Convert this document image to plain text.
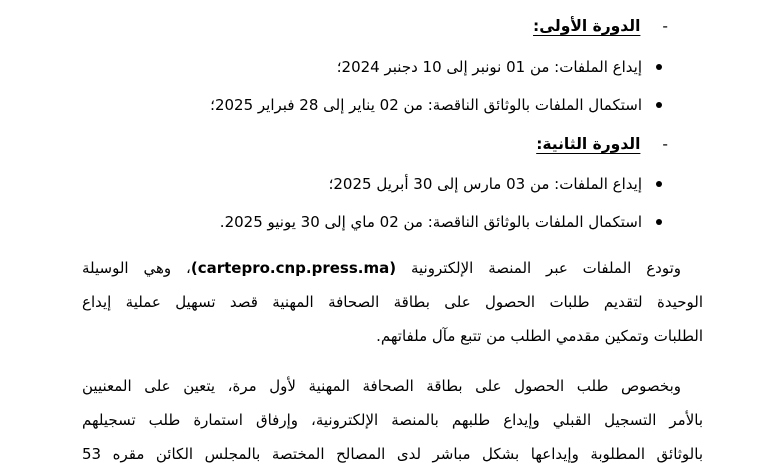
-
الدورة الأولى:
إيداع الملفات: من 01 نونبر إلى 10 دجنبر 2024؛
استكمال الملفات بالوثائق الناقصة: من 02 يناير إلى 28 فبراير 2025؛
-
الدورة الثانية:
إيداع الملفات: من 03 مارس إلى 30 أبريل 2025؛
استكمال الملفات بالوثائق الناقصة: من 02 ماي إلى 30 يونيو 2025.
وتودع الملفات عبر المنصة الإلكترونية (cartepro.cnp.press.ma)، وهي الوسيلة
الوحيدة لتقديم طلبات الحصول على بطاقة الصحافة المهنية قصد تسهيل عملية إيداع
الطلبات وتمكين مقدمي الطلب من تتبع مآل ملفاتهم.
وبخصوص طلب الحصول على بطاقة الصحافة المهنية لأول مرة، يتعين على المعنيين
بالأمر التسجيل القبلي وإيداع طلبهم بالمنصة الإلكترونية، وإرفاق استمارة طلب تسجيلهم
بالوثائق المطلوبة وإيداعها بشكل مباشر لدى المصالح المختصة بالمجلس الكائن مقره 53
